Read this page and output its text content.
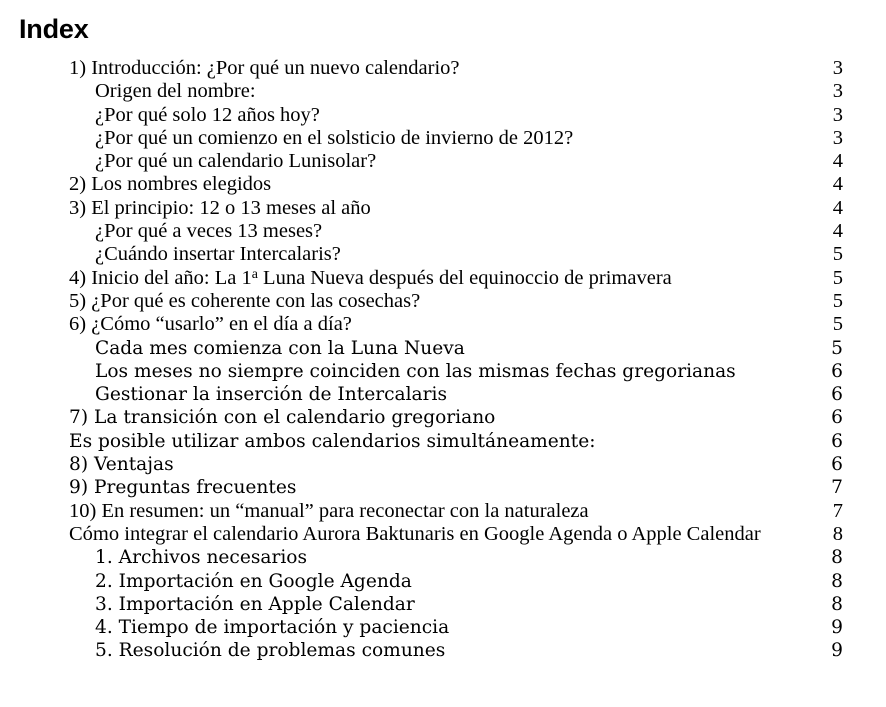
Index
1) Introducción: ¿Por qué un nuevo calendario? .....	3
Origen del nombre: .....	3
¿Por qué solo 12 años hoy? .....	3
¿Por qué un comienzo en el solsticio de invierno de 2012? .....	3
¿Por qué un calendario Lunisolar? .....	4
2) Los nombres elegidos .....	4
3) El principio: 12 o 13 meses al año .....	4
¿Por qué a veces 13 meses? .....	4
¿Cuándo insertar Intercalaris? .....	5
4) Inicio del año: La 1$^a$ Luna Nueva después del equinoccio de primavera .....	5
5) ¿Por qué es coherente con las cosechas? .....	5
6) ¿Cómo “usarlo” en el día a día? .....	5
Cada mes comienza con la Luna Nueva .....	5
Los meses no siempre coinciden con las mismas fechas gregorianas .....	6
Gestionar la inserción de Intercalaris .....	6
7) La transición con el calendario gregoriano .....	6
Es posible utilizar ambos calendarios simultáneamente: .....	6
8) Ventajas .....	6
9) Preguntas frecuentes .....	7
10) En resumen: un “manual” para reconectar con la naturaleza .....	7
Cómo integrar el calendario Aurora Baktunaris en Google Agenda o Apple Calendar .....	8
1. Archivos necesarios .....	8
2. Importación en Google Agenda .....	8
3. Importación en Apple Calendar .....	8
4. Tiempo de importación y paciencia .....	9
5. Resolución de problemas comunes .....	9
